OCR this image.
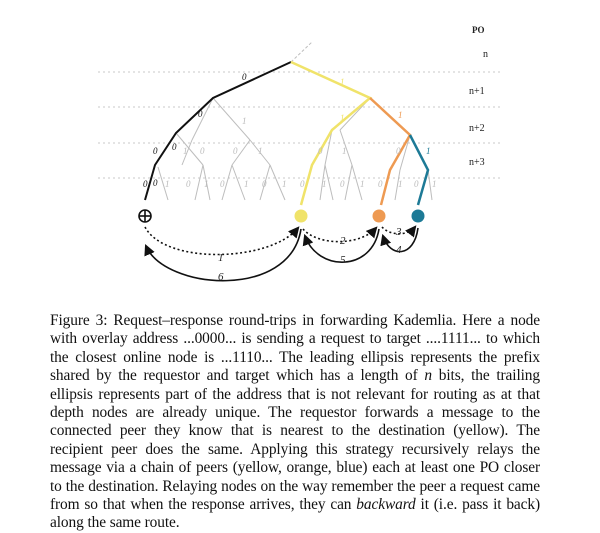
PO
n
n+1
n+2
n+3
0
0
0
0
0
0
1
1	1
1
1
0 1
0
1	0 1	0
1 0 1 0 1 0 1 0 1 0 1 0 1 0 1
1
2
3
4
5
6

Figure 3: Request–response round-trips in forwarding Kademlia. Here a node with overlay address ...0000... is sending a request to target ....1111... to which the closest online node is ...1110... The leading ellipsis represents the prefix shared by the requestor and target which has a length of n bits, the trailing ellipsis represents part of the address that is not relevant for routing as at that depth nodes are already unique. The requestor forwards a message to the connected peer they know that is nearest to the destination (yellow). The recipient peer does the same. Applying this strategy recursively relays the message via a chain of peers (yellow, orange, blue) each at least one PO closer to the destination. Relaying nodes on the way remember the peer a request came from so that when the response arrives, they can backward it (i.e. pass it back) along the same route.
